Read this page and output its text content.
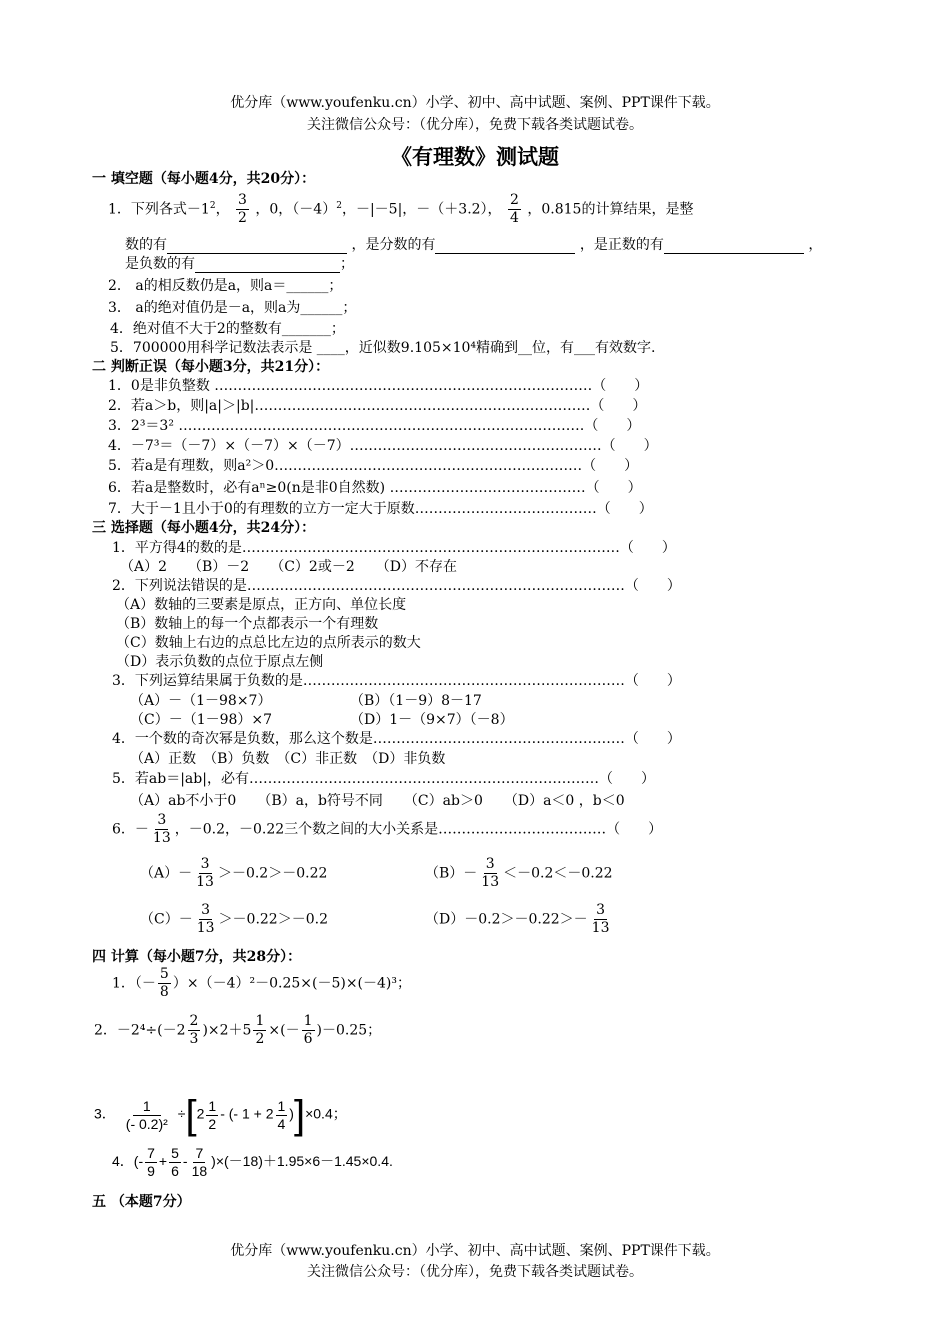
优分库（www.youfenku.cn）小学、初中、高中试题、案例、PPT课件下载。
关注微信公众号：（优分库），免费下载各类试题试卷。
《有理数》测试题
一 填空题（每小题4分，共20分）：
1．下列各式$-1^2$， $\frac{3}{2}$ ，0，$(-4)^2$，－|－5|，－（＋3.2）， $\frac{2}{4}$ ，0.815的计算结果，是整
数的有	，是分数的有	，是正数的有	，
是负数的有	；
2． a的相反数仍是a，则a＝______；
3． a的绝对值仍是－a，则a为______；
4．绝对值不大于2的整数有_______；
5．700000用科学记数法表示是 ____，近似数9.105×10⁴精确到__位，有___有效数字.
二 判断正误（每小题3分，共21分）：
1．0是非负整数 ………………………………………………………………………（　　）
2．若a＞b，则|a|＞|b|………………………………………………………………（　　）
3．2³＝3² ……………………………………………………………………………（　　）
4．－7³＝（－7）×（－7）×（－7）………………………………………………（　　）
5．若a是有理数，则a²＞0…………………………………………………………（　　）
6．若a是整数时，必有aⁿ≥0(n是非0自然数) ……………………………………（　　）
7．大于－1且小于0的有理数的立方一定大于原数…………………………………（　　）
三 选择题（每小题4分，共24分）：
1．平方得4的数的是………………………………………………………………………（　　）
（A）2　　（B）－2　　（C）2或－2　　（D）不存在
2．下列说法错误的是………………………………………………………………………（　　）
（A）数轴的三要素是原点，正方向、单位长度
（B）数轴上的每一个点都表示一个有理数
（C）数轴上右边的点总比左边的点所表示的数大
（D）表示负数的点位于原点左侧
3．下列运算结果属于负数的是……………………………………………………………（　　）
（A）－（1－98×7）	（B）（1－9）8－17
（C）－（1－98）×7	（D）1－（9×7）（－8）
4．一个数的奇次幂是负数，那么这个数是………………………………………………（　　）
（A）正数　（B）负数　（C）非正数　（D）非负数
5．若ab＝|ab|，必有…………………………………………………………………（　　）
（A）ab不小于0　　（B）a，b符号不同　　（C）ab＞0　　（D）a＜0 ，b＜0
6．－ $\frac{3}{13}$ ，－0.2，－0.22三个数之间的大小关系是………………………………（　　）
$(A)- \frac{3}{13} >-0.2>-0.22$	$(B)- \frac{3}{13} <-0.2<-0.22$
$(C)- \frac{3}{13} >-0.22>-0.2$	$(D)-0.2>-0.22>- \frac{3}{13}$
四 计算（每小题7分，共28分）：
1．（－ $\frac{5}{8} )\times(-4)^2-0.25\times(-5)\times(-4)^3$；
2．$-2^4\div(-2 \frac{2}{3} )\times 2+5 \frac{1}{2}$ ×(－ $\frac{1}{6} )-0.25$；
3． $\frac{1}{\text{(- 0.2)²}} \div[2 \frac{1}{2}$ - (- $1 + 2 \frac{1}{4} )]\times 0.4$；
4．(- $\frac{7}{9} + \frac{5}{6} - \frac{7}{18} )\times(-18)+1.95\times 6-1.45\times 0.4$.
五 （本题7分）
优分库（www.youfenku.cn）小学、初中、高中试题、案例、PPT课件下载。
关注微信公众号：（优分库），免费下载各类试题试卷。
